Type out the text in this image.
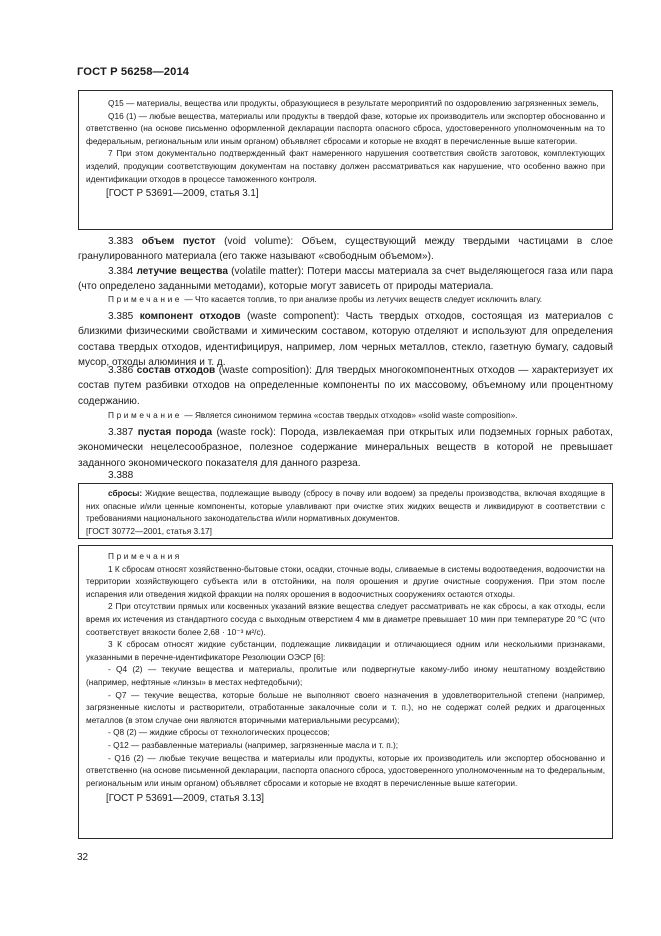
ГОСТ Р 56258—2014

Q15 — материалы, вещества или продукты, образующиеся в результате мероприятий по оздоровлению загрязненных земель,

Q16 (1) — любые вещества, материалы или продукты в твердой фазе, которые их производитель или экспортер обоснованно и ответственно (на основе письменно оформленной декларации паспорта опасного сброса, удостоверенного уполномоченным на то федеральным, региональным или иным органом) объявляет сбросами и которые не входят в перечисленные выше категории.

7 При этом документально подтвержденный факт намеренного нарушения соответствия свойств заготовок, комплектующих изделий, продукции соответствующим документам на поставку должен рассматриваться как нарушение, что особенно важно при идентификации отходов в процессе таможенного контроля.

[ГОСТ Р 53691—2009, статья 3.1]

3.383 объем пустот (void volume): Объем, существующий между твердыми частицами в слое гранулированного материала (его также называют «свободным объемом»).

3.384 летучие вещества (volatile matter): Потери массы материала за счет выделяющегося газа или пара (что определено заданными методами), которые могут зависеть от природы материала.

Примечание — Что касается топлив, то при анализе пробы из летучих веществ следует исключить влагу.

3.385 компонент отходов (waste component): Часть твердых отходов, состоящая из материалов с близкими физическими свойствами и химическим составом, которую отделяют и используют для определения состава твердых отходов, идентифицируя, например, лом черных металлов, стекло, газетную бумагу, садовый мусор, отходы алюминия и т. д.

3.386 состав отходов (waste composition): Для твердых многокомпонентных отходов — характеризует их состав путем разбивки отходов на определенные компоненты по их массовому, объемному или процентному содержанию.

Примечание — Является синонимом термина «состав твердых отходов» «solid waste composition».

3.387 пустая порода (waste rock): Порода, извлекаемая при открытых или подземных горных работах, экономически нецелесообразное, полезное содержание минеральных веществ в которой не превышает заданного экономического показателя для данного разреза.

3.388

сбросы: Жидкие вещества, подлежащие выводу (сбросу в почву или водоем) за пределы производства, включая входящие в них опасные и/или ценные компоненты, которые улавливают при очистке этих жидких веществ и ликвидируют в соответствии с требованиями национального законодательства и/или нормативных документов.

[ГОСТ 30772—2001, статья 3.17]

Примечания

1 К сбросам относят хозяйственно-бытовые стоки, осадки, сточные воды, сливаемые в системы водоотведения, водоочистки на территории хозяйствующего субъекта или в отстойники, на поля орошения и другие очистные сооружения. При этом после испарения или отведения жидкой фракции на полях орошения в водоочистных сооружениях остаются отходы.

2 При отсутствии прямых или косвенных указаний вязкие вещества следует рассматривать не как сбросы, а как отходы, если время их истечения из стандартного сосуда с выходным отверстием 4 мм в диаметре превышает 10 мин при температуре 20 °С (что соответствует вязкости более 2,68 · 10⁻³ м²/с).

3 К сбросам относят жидкие субстанции, подлежащие ликвидации и отличающиеся одним или несколькими признаками, указанными в перечне-идентификаторе Резолюции ОЭСР [6]:

- Q4 (2) — текучие вещества и материалы, пролитые или подвергнутые какому-либо иному нештатному воздействию (например, нефтяные «линзы» в местах нефтедобычи);

- Q7 — текучие вещества, которые больше не выполняют своего назначения в удовлетворительной степени (например, загрязненные кислоты и растворители, отработанные закалочные соли и т. п.), но не содержат солей редких и драгоценных металлов (в этом случае они являются вторичными материальными ресурсами);

- Q8 (2) — жидкие сбросы от технологических процессов;

- Q12 — разбавленные материалы (например, загрязненные масла и т. п.);

- Q16 (2) — любые текучие вещества и материалы или продукты, которые их производитель или экспортер обоснованно и ответственно (на основе письменной декларации, паспорта опасного сброса, удостоверенного уполномоченным на то федеральным, региональным или иным органом) объявляет сбросами и которые не входят в перечисленные выше категории.

[ГОСТ Р 53691—2009, статья 3.13]

32
